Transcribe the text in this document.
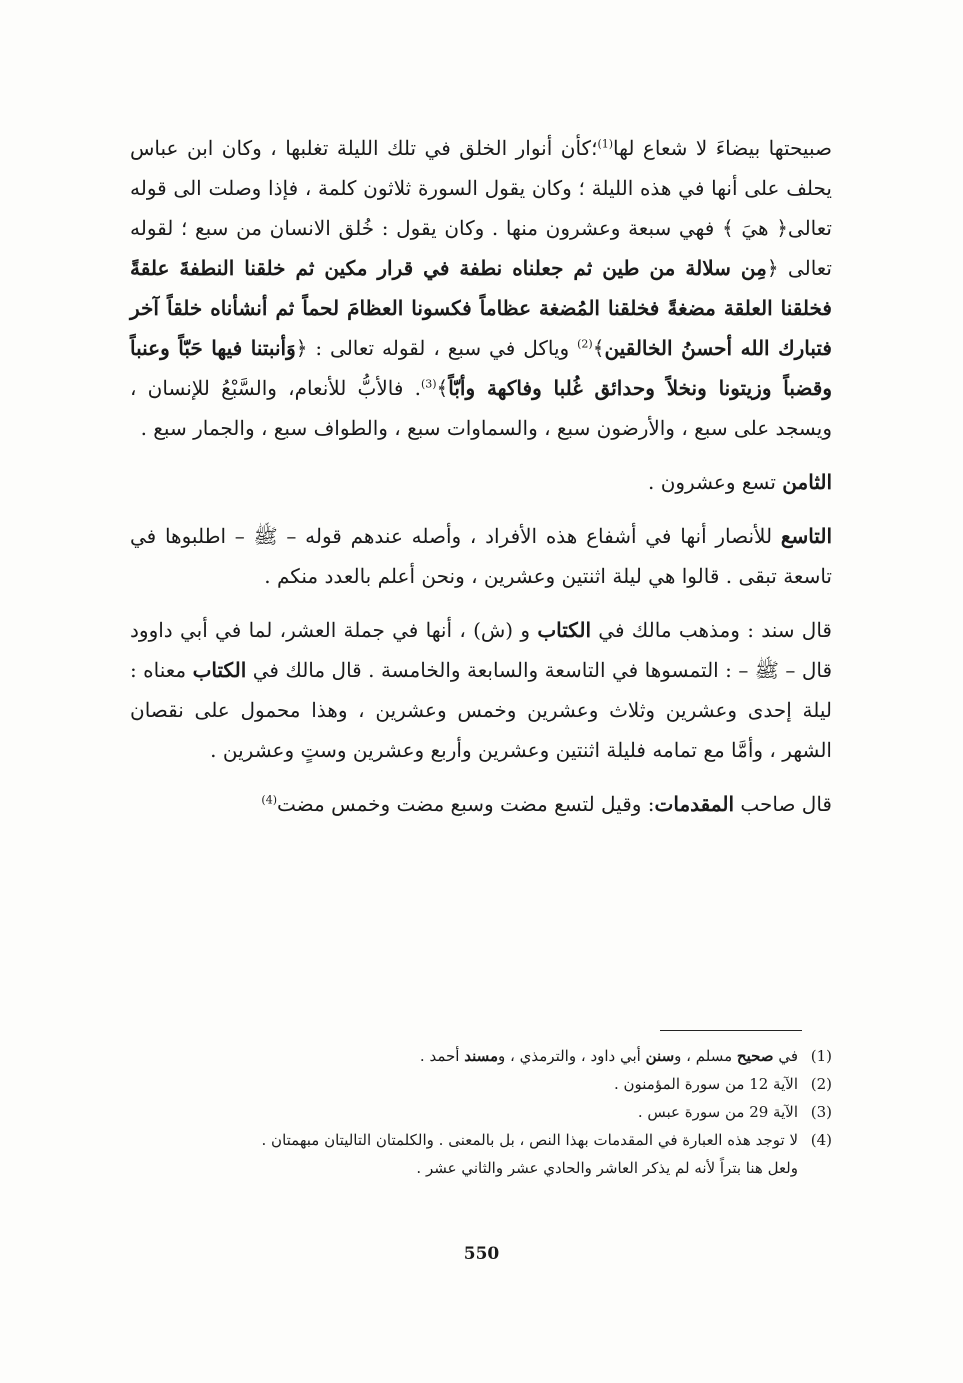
صبيحتها بيضاءَ لا شعاع لها$^{(1)}$؛كأن أنوار الخلق في تلك الليلة تغلبها ، وكان ابن عباس يحلف على أنها في هذه الليلة ؛ وكان يقول السورة ثلاثون كلمة ، فإذا وصلت الى قوله تعالى﴿ هيَ ﴾ فهي سبعة وعشرون منها . وكان يقول : خُلق الانسان من سبع ؛ لقوله تعالى ﴿مِن سلالة من طين ثم جعلناه نطفة في قرار مكين ثم خلقنا النطفةَ علقةً فخلقنا العلقة مضغةً فخلقنا المُضغة عظاماً فكسونا العظامَ لحماً ثم أنشأناه خلقاً آخر فتبارك الله أحسنُ الخالقين﴾$^{(2)}$ وياكل في سبع ، لقوله تعالى : ﴿وَأنبتنا فيها حَبّاً وعنباً وقضباً وزيتونا ونخلاً وحدائق غُلبا وفاكهة وأبّاً﴾$^{(3)}$. فالأبُّ للأنعام، والسَّبْعُ للإنسان ، ويسجد على سبع ، والأرضون سبع ، والسماوات سبع ، والطواف سبع ، والجمار سبع .

الثامن تسع وعشرون .

التاسع للأنصار أنها في أشفاع هذه الأفراد ، وأصله عندهم قوله – ﷺ – اطلبوها في تاسعة تبقى . قالوا هي ليلة اثنتين وعشرين ، ونحن أعلم بالعدد منكم .

قال سند : ومذهب مالك في الكتاب و (ش) ، أنها في جملة العشر، لما في أبي داوود قال – ﷺ – : التمسوها في التاسعة والسابعة والخامسة . قال مالك في الكتاب معناه : ليلة إحدى وعشرين وثلاث وعشرين وخمس وعشرين ، وهذا محمول على نقصان الشهر ، وأمَّا مع تمامه فليلة اثنتين وعشرين وأربع وعشرين وستٍ وعشرين .

قال صاحب المقدمات: وقيل لتسع مضت وسبع مضت وخمس مضت$^{(4)}$

(1)في صحيح مسلم ، وسنن أبي داود ، والترمذي ، ومسند أحمد .
(2)الآية 12 من سورة المؤمنون .
(3)الآية 29 من سورة عبس .
(4)لا توجد هذه العبارة في المقدمات بهذا النص ، بل بالمعنى . والكلمتان التاليتان مبهمتان .
ولعل هنا بتراً لأنه لم يذكر العاشر والحادي عشر والثاني عشر .
550
